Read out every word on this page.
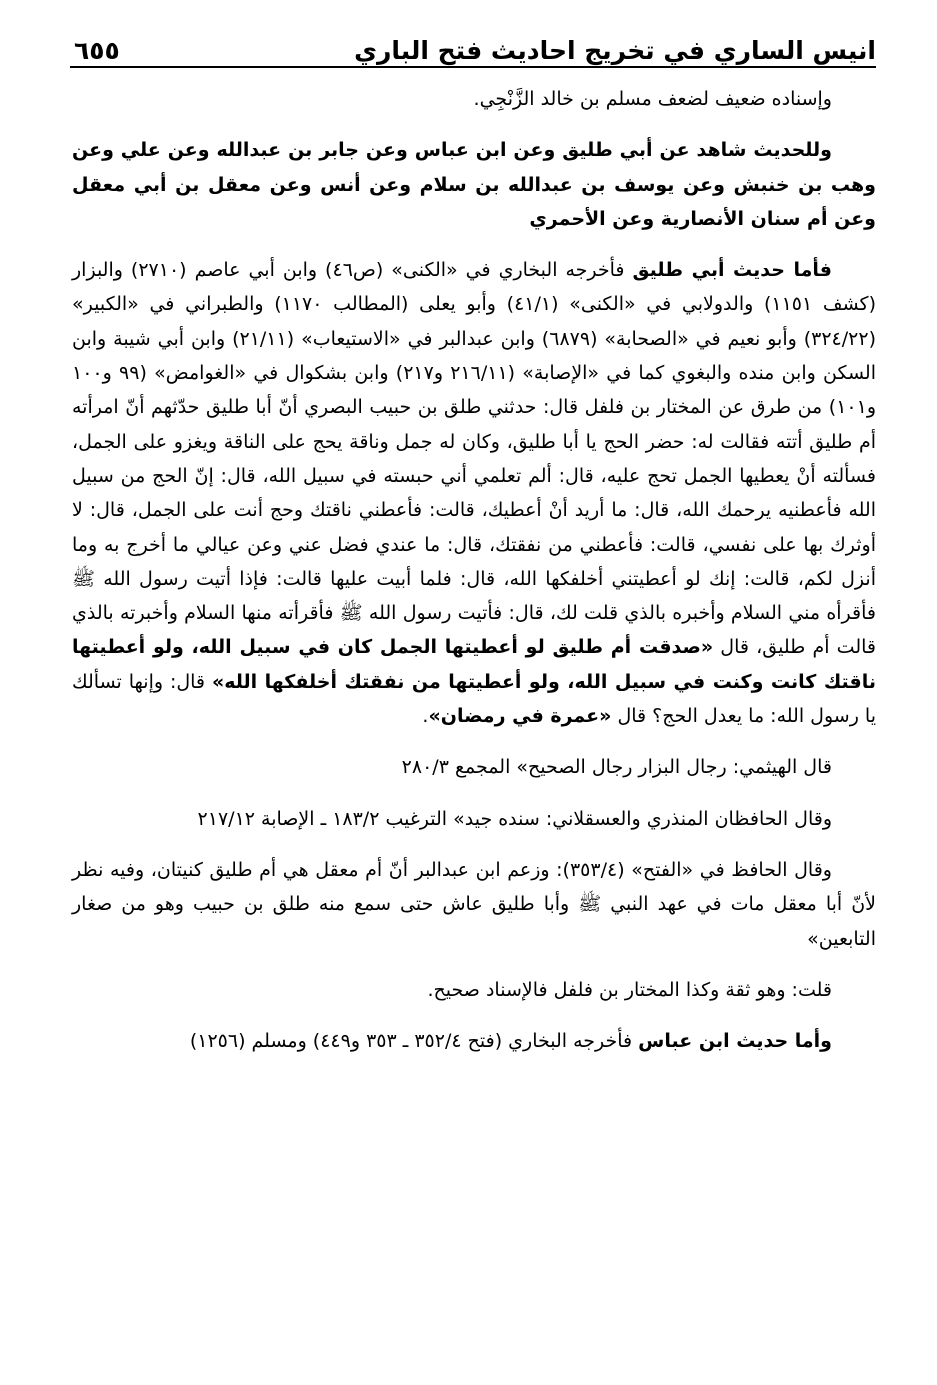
٦٥٥	انيس الساري في تخريج احاديث فتح الباري

وإسناده ضعيف لضعف مسلم بن خالد الزَّنْجِي.

وللحديث شاهد عن أبي طليق وعن ابن عباس وعن جابر بن عبدالله وعن علي وعن وهب بن خنبش وعن يوسف بن عبدالله بن سلام وعن أنس وعن معقل بن أبي معقل وعن أم سنان الأنصارية وعن الأحمري

فأما حديث أبي طليق فأخرجه البخاري في «الكنى» (ص٤٦) وابن أبي عاصم (٢٧١٠) والبزار (كشف ١١٥١) والدولابي في «الكنى» (٤١/١) وأبو يعلى (المطالب ١١٧٠) والطبراني في «الكبير» (٣٢٤/٢٢) وأبو نعيم في «الصحابة» (٦٨٧٩) وابن عبدالبر في «الاستيعاب» (٢١/١١) وابن أبي شيبة وابن السكن وابن منده والبغوي كما في «الإصابة» (٢١٦/١١ و٢١٧) وابن بشكوال في «الغوامض» (٩٩ و١٠٠ و١٠١) من طرق عن المختار بن فلفل قال: حدثني طلق بن حبيب البصري أنّ أبا طليق حدّثهم أنّ امرأته أم طليق أتته فقالت له: حضر الحج يا أبا طليق، وكان له جمل وناقة يحج على الناقة ويغزو على الجمل، فسألته أنْ يعطيها الجمل تحج عليه، قال: ألم تعلمي أني حبسته في سبيل الله، قال: إنّ الحج من سبيل الله فأعطنيه يرحمك الله، قال: ما أريد أنْ أعطيك، قالت: فأعطني ناقتك وحج أنت على الجمل، قال: لا أوثرك بها على نفسي، قالت: فأعطني من نفقتك، قال: ما عندي فضل عني وعن عيالي ما أخرج به وما أنزل لكم، قالت: إنك لو أعطيتني أخلفكها الله، قال: فلما أبيت عليها قالت: فإذا أتيت رسول الله ﷺ فأقرأه مني السلام وأخبره بالذي قلت لك، قال: فأتيت رسول الله ﷺ فأقرأته منها السلام وأخبرته بالذي قالت أم طليق، قال «صدقت أم طليق لو أعطيتها الجمل كان في سبيل الله، ولو أعطيتها ناقتك كانت وكنت في سبيل الله، ولو أعطيتها من نفقتك أخلفكها الله» قال: وإنها تسألك يا رسول الله: ما يعدل الحج؟ قال «عمرة في رمضان».

قال الهيثمي: رجال البزار رجال الصحيح» المجمع ٢٨٠/٣

وقال الحافظان المنذري والعسقلاني: سنده جيد» الترغيب ١٨٣/٢ ـ الإصابة ٢١٧/١٢

وقال الحافظ في «الفتح» (٣٥٣/٤): وزعم ابن عبدالبر أنّ أم معقل هي أم طليق كنيتان، وفيه نظر لأنّ أبا معقل مات في عهد النبي ﷺ وأبا طليق عاش حتى سمع منه طلق بن حبيب وهو من صغار التابعين»

قلت: وهو ثقة وكذا المختار بن فلفل فالإسناد صحيح.

وأما حديث ابن عباس فأخرجه البخاري (فتح ٣٥٢/٤ ـ ٣٥٣ و٤٤٩) ومسلم (١٢٥٦)
